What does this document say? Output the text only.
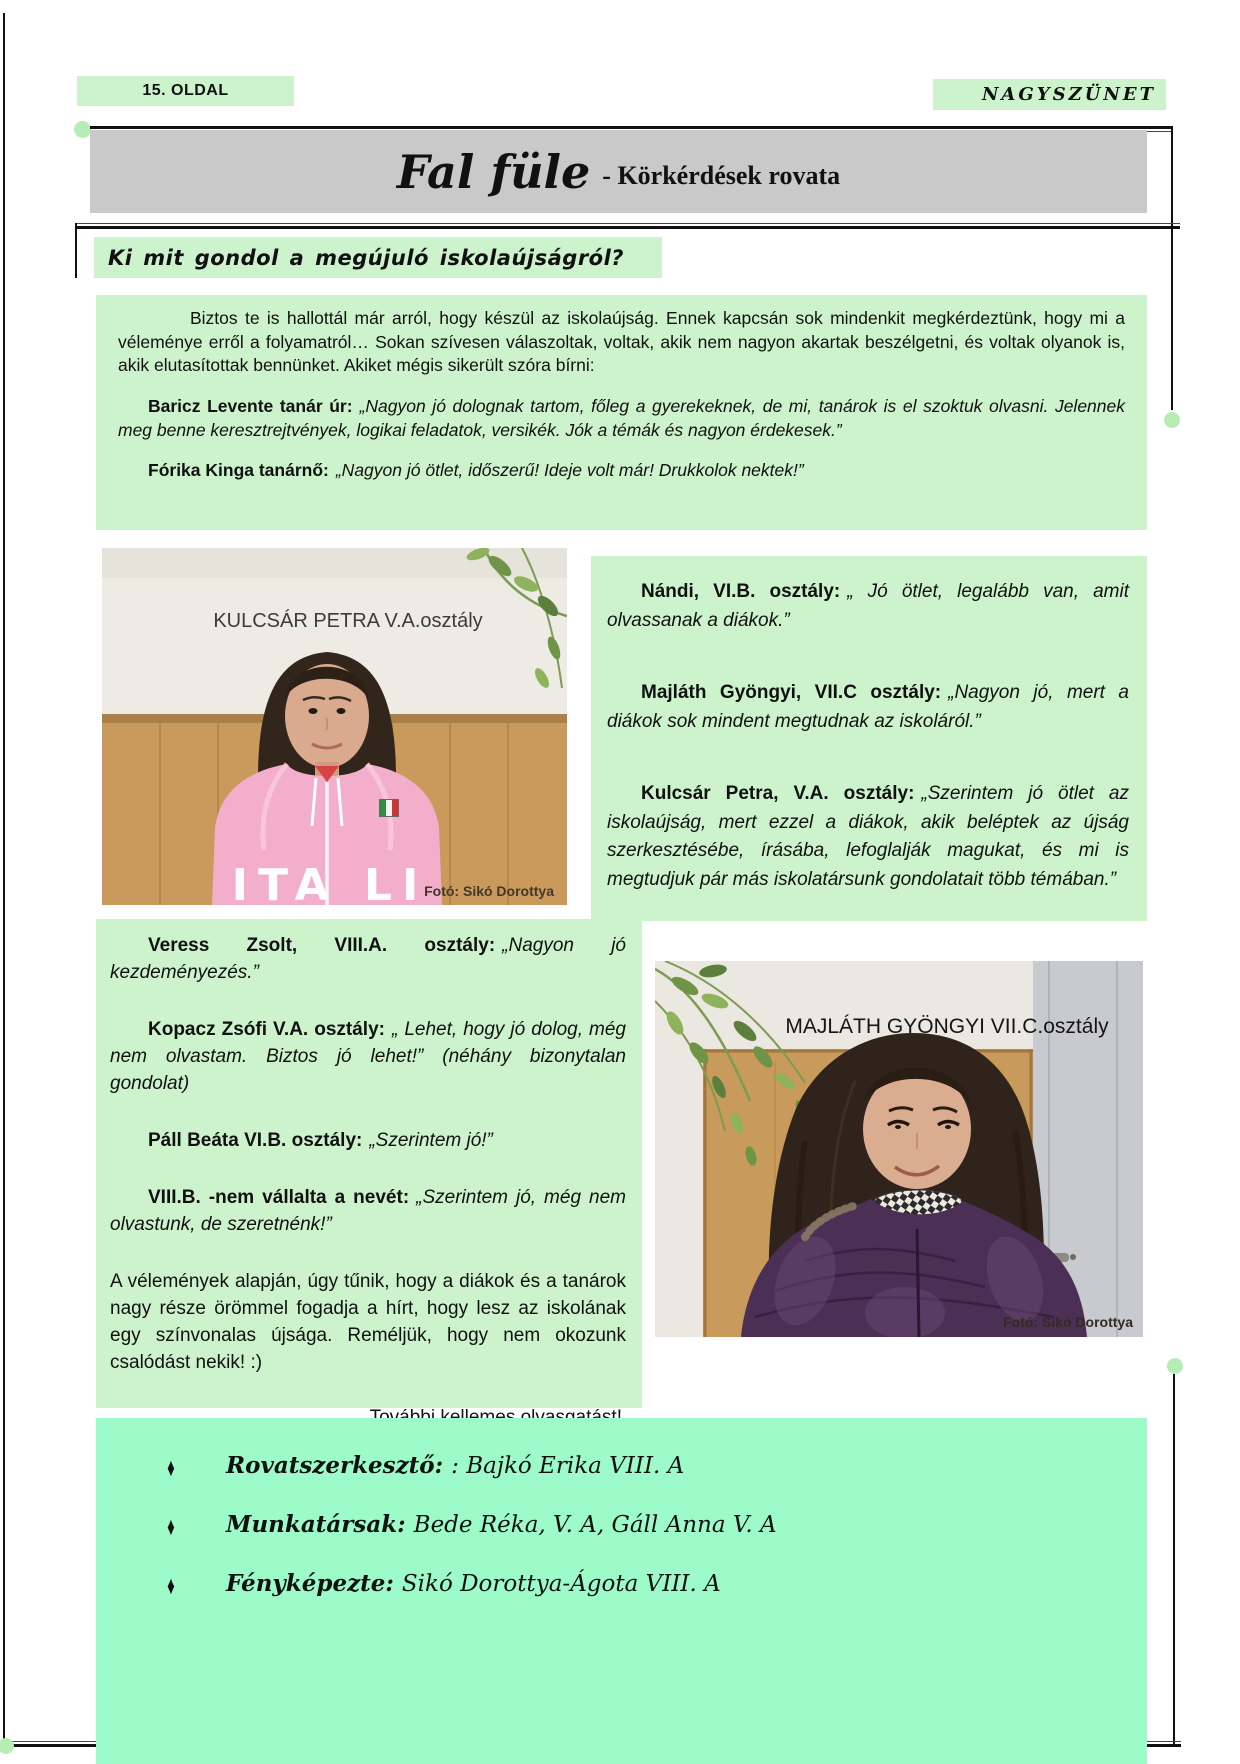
15. OLDAL	NAGYSZÜNET
Fal füle - Körkérdések rovata
Ki mit gondol a megújuló iskolaújságról?

Biztos te is hallottál már arról, hogy készül az iskolaújság. Ennek kapcsán sok mindenkit megkérdeztünk, hogy mi a véleménye erről a folyamatról… Sokan szívesen válaszoltak, voltak, akik nem nagyon akartak beszélgetni, és voltak olyanok is, akik elutasítottak bennünket. Akiket mégis sikerült szóra bírni:

Baricz Levente tanár úr: „Nagyon jó dolognak tartom, főleg a gyerekeknek, de mi, tanárok is el szoktuk olvasni. Jelennek meg benne keresztrejtvények, logikai feladatok, versikék. Jók a témák és nagyon érdekesek.”

Fórika Kinga tanárnő: „Nagyon jó ötlet, időszerű! Ideje volt már! Drukkolok nektek!”

ITA LI
KULCSÁR PETRA V.A.osztály
Fotó: Sikó Dorottya

Nándi, VI.B. osztály: „ Jó ötlet, legalább van, amit olvassanak a diákok.”

Majláth Gyöngyi, VII.C osztály: „Nagyon jó, mert a diákok sok mindent megtudnak az iskoláról.”

Kulcsár Petra, V.A. osztály: „Szerintem jó ötlet az iskolaújság, mert ezzel a diákok, akik beléptek az újság szerkesztésébe, írásába, lefoglalják magukat, és mi is megtudjuk pár más iskolatársunk gondolatait több témában.”

Veress Zsolt, VIII.A. osztály: „Nagyon jó kezdeményezés.”

Kopacz Zsófi V.A. osztály: „ Lehet, hogy jó dolog, még nem olvastam. Biztos jó lehet!” (néhány bizonytalan gondolat)

Páll Beáta VI.B. osztály: „Szerintem jó!”

VIII.B. -nem vállalta a nevét: „Szerintem jó, még nem olvastunk, de szeretnénk!”

A vélemények alapján, úgy tűnik, hogy a diákok és a tanárok nagy része örömmel fogadja a hírt, hogy lesz az iskolának egy színvonalas újsága. Reméljük, hogy nem okozunk csalódást nekik! :)

MAJLÁTH GYÖNGYI VII.C.osztály
Fotó: Sikó Dorottya
♦	Rovatszerkesztő: : Bajkó Erika VIII. A
♦	Munkatársak: Bede Réka, V. A, Gáll Anna V. A
♦	Fényképezte: Sikó Dorottya-Ágota VIII. A
